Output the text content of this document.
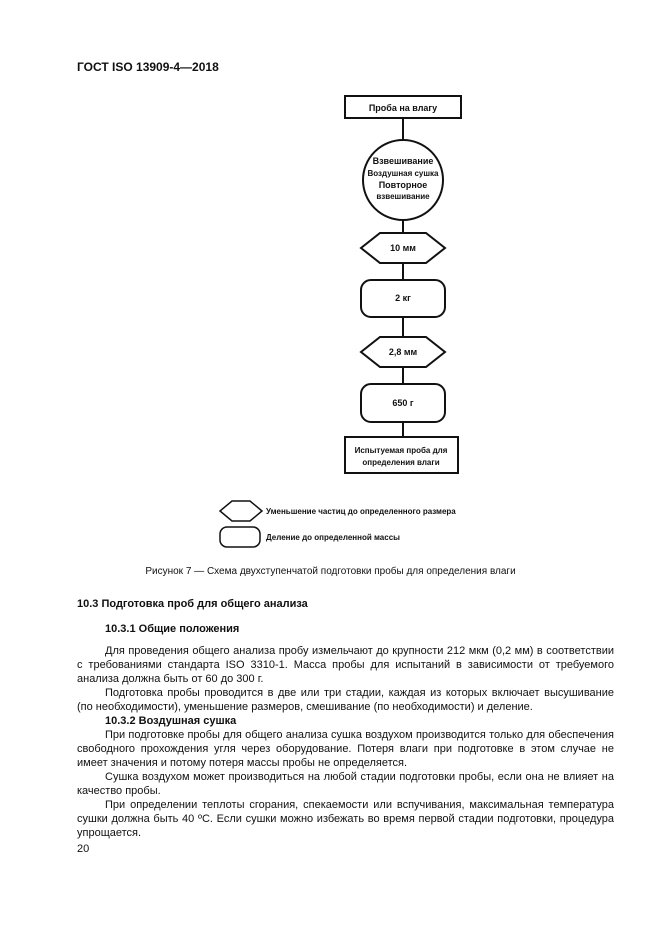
ГОСТ ISO 13909-4—2018
Проба на влагу
Взвешивание
Воздушная сушка
Повторное
взвешивание
10 мм
2 кг
2,8 мм
650 г
Испытуемая проба для
определения влаги
Уменьшение частиц до определенного размера
Деление до определенной массы
Рисунок 7 — Схема двухступенчатой подготовки пробы для определения влаги

10.3 Подготовка проб для общего анализа

10.3.1 Общие положения

Для проведения общего анализа пробу измельчают до крупности 212 мкм (0,2 мм) в соответствии с требованиями стандарта ISO 3310-1. Масса пробы для испытаний в зависимости от требуемого анализа должна быть от 60 до 300 г.

Подготовка пробы проводится в две или три стадии, каждая из которых включает высушивание (по необходимости), уменьшение размеров, смешивание (по необходимости) и деление.

10.3.2 Воздушная сушка

При подготовке пробы для общего анализа сушка воздухом производится только для обеспечения свободного прохождения угля через оборудование. Потеря влаги при подготовке в этом случае не имеет значения и потому потеря массы пробы не определяется.

Сушка воздухом может производиться на любой стадии подготовки пробы, если она не влияет на качество пробы.

При определении теплоты сгорания, спекаемости или вспучивания, максимальная температура сушки должна быть 40 ºС. Если сушки можно избежать во время первой стадии подготовки, процедура упрощается.

20
